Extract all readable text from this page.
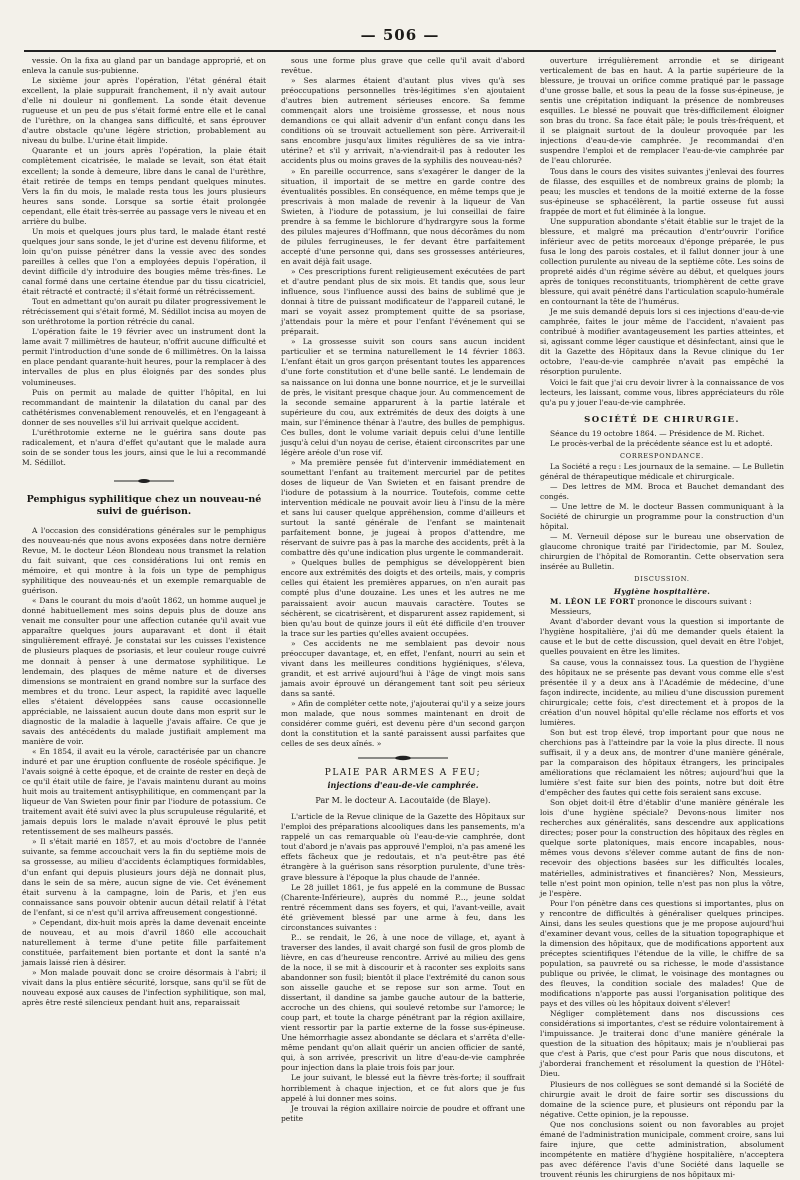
— 506 —

vessie. On la fixa au gland par un bandage approprié, et on enleva la canule sus-pubienne.

Le sixième jour après l'opération, l'état général était excellent, la plaie suppurait franchement, il n'y avait autour d'elle ni douleur ni gonflement. La sonde était devenue rugueuse et un peu de pus s'était formé entre elle et le canal de l'urèthre, on la changea sans difficulté, et sans éprouver d'autre obstacle qu'une légère striction, probablement au niveau du bulbe. L'urine était limpide.

Quarante et un jours après l'opération, la plaie était complètement cicatrisée, le malade se levait, son état était excellent; la sonde à demeure, libre dans le canal de l'urèthre, était retirée de temps en temps pendant quelques minutes. Vers la fin du mois, le malade resta tous les jours plusieurs heures sans sonde. Lorsque sa sortie était prolongée cependant, elle était très-serrée au passage vers le niveau et en arrière du bulbe.

Un mois et quelques jours plus tard, le malade étant resté quelques jour sans sonde, le jet d'urine est devenu filiforme, et loin qu'on puisse pénétrer dans la vessie avec des sondes pareilles à celles que l'on a employées depuis l'opération, il devint difficile d'y introduire des bougies même très-fines. Le canal formé dans une certaine étendue par du tissu cicatriciel, était rétracté et contracté; il s'était formé un rétrécissement.

Tout en admettant qu'on aurait pu dilater progressivement le rétrécissement qui s'était formé, M. Sédillot incisa au moyen de son uréthrotome la portion rétrécie du canal.

L'opération faite le 19 février avec un instrument dont la lame avait 7 millimètres de hauteur, n'offrit aucune difficulté et permit l'introduction d'une sonde de 6 millimètres. On la laissa en place pendant quarante-huit heures, pour la remplacer à des intervalles de plus en plus éloignés par des sondes plus volumineuses.

Puis on permit au malade de quitter l'hôpital, en lui recommandant de maintenir la dilatation du canal par des cathétérismes convenablement renouvelés, et en l'engageant à donner de ses nouvelles s'il lui arrivait quelque accident.

L'uréthrotomie externe ne le guérira sans doute pas radicalement, et n'aura d'effet qu'autant que le malade aura soin de se sonder tous les jours, ainsi que le lui a recommandé M. Sédillot.

Pemphigus syphilitique chez un nouveau-né
suivi de guérison.

A l'occasion des considérations générales sur le pemphigus des nouveau-nés que nous avons exposées dans notre dernière Revue, M. le docteur Léon Blondeau nous transmet la relation du fait suivant, que ces considérations lui ont remis en mémoire, et qui montre à la fois un type de pemphigus syphilitique des nouveau-nés et un exemple remarquable de guérison.

« Dans le courant du mois d'août 1862, un homme auquel je donné habituellement mes soins depuis plus de douze ans venait me consulter pour une affection cutanée qu'il avait vue apparaître quelques jours auparavant et dont il était singulièrement effrayé. Je constatai sur les cuisses l'existence de plusieurs plaques de psoriasis, et leur couleur rouge cuivré me donnait à penser à une dermatose syphilitique. Le lendemain, des plaques de même nature et de diverses dimensions se montraient en grand nombre sur la surface des membres et du tronc. Leur aspect, la rapidité avec laquelle elles s'étaient développées sans cause occasionnelle appréciable, ne laissaient aucun doute dans mon esprit sur le diagnostic de la maladie à laquelle j'avais affaire. Ce que je savais des antécédents du malade justifiait amplement ma manière de voir.

« En 1854, il avait eu la vérole, caractérisée par un chancre induré et par une éruption confluente de roséole spécifique. Je l'avais soigné à cette époque, et de crainte de rester en deçà de ce qu'il était utile de faire, je l'avais maintenu durant au moins huit mois au traitement antisyphilitique, en commençant par la liqueur de Van Swieten pour finir par l'iodure de potassium. Ce traitement avait été suivi avec la plus scrupuleuse régularité, et jamais depuis lors le malade n'avait éprouvé le plus petit retentissement de ses malheurs passés.

» Il s'était marié en 1857, et au mois d'octobre de l'année suivante, sa femme accouchait vers la fin du septième mois de sa grossesse, au milieu d'accidents éclamptiques formidables, d'un enfant qui depuis plusieurs jours déjà ne donnait plus, dans le sein de sa mère, aucun signe de vie. Cet événement était survenu à la campagne, loin de Paris, et j'en eus connaissance sans pouvoir obtenir aucun détail relatif à l'état de l'enfant, si ce n'est qu'il arriva affreusement congestionné.

» Cependant, dix-huit mois après la dame devenait enceinte de nouveau, et au mois d'avril 1860 elle accouchait naturellement à terme d'une petite fille parfaitement constituée, parfaitement bien portante et dont la santé n'a jamais laissé rien à désirer.

» Mon malade pouvait donc se croire désormais à l'abri; il vivait dans la plus entière sécurité, lorsque, sans qu'il se fût de nouveau exposé aux causes de l'infection syphilitique, son mal, après être resté silencieux pendant huit ans, reparaissait

sous une forme plus grave que celle qu'il avait d'abord revêtue.

» Ses alarmes étaient d'autant plus vives qu'à ses préoccupations personnelles très-légitimes s'en ajoutaient d'autres bien autrement sérieuses encore. Sa femme commençait alors une troisième grossesse, et nous nous demandions ce qui allait advenir d'un enfant conçu dans les conditions où se trouvait actuellement son père. Arriverait-il sans encombre jusqu'aux limites régulières de sa vie intra-utérine? et s'il y arrivait, n'a-viendrait-il pas à redouter les accidents plus ou moins graves de la syphilis des nouveau-nés?

» En pareille occurrence, sans s'exagérer le danger de la situation, il importait de se mettre en garde contre des éventualités possibles. En conséquence, en même temps que je prescrivais à mon malade de revenir à la liqueur de Van Swieten, à l'iodure de potassium, je lui conseillai de faire prendre à sa femme le bichlorure d'hydrargyre sous la forme des pilules majeures d'Hoffmann, que nous décorâmes du nom de pilules ferrugineuses, le fer devant être parfaitement accepté d'une personne qui, dans ses grossesses antérieures, en avait déjà fait usage.

» Ces prescriptions furent religieusement exécutées de part et d'autre pendant plus de six mois. Et tandis que, sous leur influence, sous l'influence aussi des bains de sublimé que je donnai à titre de puissant modificateur de l'appareil cutané, le mari se voyait assez promptement quitte de sa psoriase, j'attendais pour la mère et pour l'enfant l'événement qui se préparait.

» La grossesse suivit son cours sans aucun incident particulier et se termina naturellement le 14 février 1863. L'enfant était un gros garçon présentant toutes les apparences d'une forte constitution et d'une belle santé. Le lendemain de sa naissance on lui donna une bonne nourrice, et je le surveillai de près, le visitant presque chaque jour. Au commencement de la seconde semaine apparurent à la partie latérale et supérieure du cou, aux extrémités de deux des doigts à une main, sur l'éminence thénar à l'autre, des bulles de pemphigus. Ces bulles, dont le volume variait depuis celui d'une lentille jusqu'à celui d'un noyau de cerise, étaient circonscrites par une légère aréole d'un rose vif.

» Ma première pensée fut d'intervenir immédiatement en soumettant l'enfant au traitement mercuriel par de petites doses de liqueur de Van Swieten et en faisant prendre de l'iodure de potassium à la nourrice. Toutefois, comme cette intervention médicale ne pouvait avoir lieu à l'insu de la mère et sans lui causer quelque appréhension, comme d'ailleurs et surtout la santé générale de l'enfant se maintenait parfaitement bonne, je jugeai à propos d'attendre, me réservant de suivre pas à pas la marche des accidents, prêt à la combattre dès qu'une indication plus urgente le commanderait.

» Quelques bulles de pemphigus se développèrent bien encore aux extrémités des doigts et des orteils, mais, y compris celles qui étaient les premières apparues, on n'en aurait pas compté plus d'une douzaine. Les unes et les autres ne me paraissaient avoir aucun mauvais caractère. Toutes se séchèrent, se cicatrisèrent, et disparurent assez rapidement, si bien qu'au bout de quinze jours il eût été difficile d'en trouver la trace sur les parties qu'elles avaient occupées.

» Ces accidents ne me semblaient pas devoir nous préoccuper davantage, et, en effet, l'enfant, nourri au sein et vivant dans les meilleures conditions hygiéniques, s'éleva, grandit, et est arrivé aujourd'hui à l'âge de vingt mois sans jamais avoir éprouvé un dérangement tant soit peu sérieux dans sa santé.

» Afin de compléter cette note, j'ajouterai qu'il y a seize jours mon malade, que nous sommes maintenant en droit de considérer comme guéri, est devenu père d'un second garçon dont la constitution et la santé paraissent aussi parfaites que celles de ses deux aînés. »

PLAIE PAR ARMES A FEU;
injections d'eau-de-vie camphrée.
Par M. le docteur A. Lacoutaide (de Blaye).

L'article de la Revue clinique de la Gazette des Hôpitaux sur l'emploi des préparations alcooliques dans les pansements, m'a rappelé un cas remarquable où l'eau-de-vie camphrée, dont tout d'abord je n'avais pas approuvé l'emploi, n'a pas amené les effets fâcheux que je redoutais, et n'a peut-être pas été étrangère à la guérison sans résorption purulente, d'une très-grave blessure à l'époque la plus chaude de l'année.

Le 28 juillet 1861, je fus appelé en la commune de Bussac (Charente-Inférieure), auprès du nommé P..., jeune soldat rentré récemment dans ses foyers, et qui, l'avant-veille, avait été grièvement blessé par une arme à feu, dans les circonstances suivantes :

P... se rendait, le 26, à une noce de village, et, ayant à traverser des landes, il avait chargé son fusil de gros plomb de lièvre, en cas d'heureuse rencontre. Arrivé au milieu des gens de la noce, il se mit à discourir et à raconter ses exploits sans abandonner son fusil; bientôt il place l'extrémité du canon sous son aisselle gauche et se repose sur son arme. Tout en dissertant, il dandine sa jambe gauche autour de la batterie, accroche un des chiens, qui soulevé retombe sur l'amorce; le coup part, et toute la charge pénétrant par la région axillaire, vient ressortir par la partie externe de la fosse sus-épineuse. Une hémorrhagie assez abondante se déclara et s'arrêta d'elle-même pendant qu'on allait quérir un ancien officier de santé, qui, à son arrivée, prescrivit un litre d'eau-de-vie camphrée pour injection dans la plaie trois fois par jour.

Le jour suivant, le blessé eut la fièvre très-forte; il souffrait horriblement à chaque injection, et ce fut alors que je fus appelé à lui donner mes soins.

Je trouvai la région axillaire noircie de poudre et offrant une petite

ouverture irrégulièrement arrondie et se dirigeant verticalement de bas en haut. A la partie supérieure de la blessure, je trouvai un orifice comme pratiqué par le passage d'une grosse balle, et sous la peau de la fosse sus-épineuse, je sentis une crépitation indiquant la présence de nombreuses esquilles. Le blessé ne pouvait que très-difficilement éloigner son bras du tronc. Sa face était pâle; le pouls très-fréquent, et il se plaignait surtout de la douleur provoquée par les injections d'eau-de-vie camphrée. Je recommandai d'en suspendre l'emploi et de remplacer l'eau-de-vie camphrée par de l'eau chlorurée.

Tous dans le cours des visites suivantes j'enlevai des fourres de filasse, des esquilles et de nombreux grains de plomb; la peau; les muscles et tendons de la moitié externe de la fosse sus-épineuse se sphacélèrent, la partie osseuse fut aussi frappée de mort et fut éliminée à la longue.

Une suppuration abondante s'était établie sur le trajet de la blessure, et malgré ma précaution d'entr'ouvrir l'orifice inférieur avec de petits morceaux d'éponge préparée, le pus fusa le long des parois costales, et il fallut donner jour à une collection purulente au niveau de la septième côte. Les soins de propreté aidés d'un régime sévère au début, et quelques jours après de toniques reconstituants, triomphèrent de cette grave blessure, qui avait pénétré dans l'articulation scapulo-humérale en contournant la tête de l'humérus.

Je me suis demandé depuis lors si ces injections d'eau-de-vie camphrée, faites le jour même de l'accident, n'avaient pas contribué à modifier avantageusement les parties atteintes, et si, agissant comme léger caustique et désinfectant, ainsi que le dit la Gazette des Hôpitaux dans la Revue clinique du 1er octobre, l'eau-de-vie camphrée n'avait pas empêché la résorption purulente.

Voici le fait que j'ai cru devoir livrer à la connaissance de vos lecteurs, les laissant, comme vous, libres appréciateurs du rôle qu'a pu y jouer l'eau-de-vie camphrée.

SOCIÉTÉ DE CHIRURGIE.

Séance du 19 octobre 1864. — Présidence de M. Richet.

Le procès-verbal de la précédente séance est lu et adopté.

CORRESPONDANCE.

La Société a reçu : Les journaux de la semaine. — Le Bulletin général de thérapeutique médicale et chirurgicale.

— Des lettres de MM. Broca et Bauchet demandant des congés.

— Une lettre de M. le docteur Bassen communiquant à la Société de chirurgie un programme pour la construction d'un hôpital.

— M. Verneuil dépose sur le bureau une observation de glaucome chronique traité par l'iridectomie, par M. Soulez, chirurgien de l'hôpital de Romorantin. Cette observation sera insérée au Bulletin.

DISCUSSION.
Hygiène hospitalière.

M. LÉON LE FORT prononce le discours suivant :

Messieurs,

Avant d'aborder devant vous la question si importante de l'hygiène hospitalière, j'ai dû me demander quels étaient la cause et le but de cette discussion, quel devait en être l'objet, quelles pouvaient en être les limites.

Sa cause, vous la connaissez tous. La question de l'hygiène des hôpitaux ne se présente pas devant vous comme elle s'est présentée il y a deux ans à l'Académie de médecine, d'une façon indirecte, incidente, au milieu d'une discussion purement chirurgicale; cette fois, c'est directement et à propos de la création d'un nouvel hôpital qu'elle réclame nos efforts et vos lumières.

Son but est trop élevé, trop important pour que nous ne cherchions pas à l'atteindre par la voie la plus directe. Il nous suffisait, il y a deux ans, de montrer d'une manière générale, par la comparaison des hôpitaux étrangers, les principales améliorations que réclamaient les nôtres; aujourd'hui que la lumière s'est faite sur bien des points, notre but doit être d'empêcher des fautes qui cette fois seraient sans excuse.

Son objet doit-il être d'établir d'une manière générale les lois d'une hygiène spéciale? Devons-nous limiter nos recherches aux généralités, sans descendre aux applications directes; poser pour la construction des hôpitaux des règles en quelque sorte platoniques, mais encore incapables, nous-mêmes vous devons s'élever comme autant de fins de non-recevoir des objections basées sur les difficultés locales, matérielles, administratives et financières? Non, Messieurs, telle n'est point mon opinion, telle n'est pas non plus la vôtre, je l'espère.

Pour l'on pénètre dans ces questions si importantes, plus on y rencontre de difficultés à généraliser quelques principes. Ainsi, dans les seules questions que je me propose aujourd'hui d'examiner devant vous, celles de la situation topographique et la dimension des hôpitaux, que de modifications apportent aux préceptes scientifiques l'étendue de la ville, le chiffre de sa population, sa pauvreté ou sa richesse, le mode d'assistance publique ou privée, le climat, le voisinage des montagnes ou des fleuves, la condition sociale des malades! Que de modifications n'apporte pas aussi l'organisation politique des pays et des villes où les hôpitaux doivent s'élever!

Négliger complètement dans nos discussions ces considérations si importantes, c'est se réduire volontairement à l'impuissance. Je traiterai donc d'une manière générale la question de la situation des hôpitaux; mais je n'oublierai pas que c'est à Paris, que c'est pour Paris que nous discutons, et j'aborderai franchement et résolument la question de l'Hôtel-Dieu.

Plusieurs de nos collègues se sont demandé si la Société de chirurgie avait le droit de faire sortir ses discussions du domaine de la science pure, et plusieurs ont répondu par la négative. Cette opinion, je la repousse.

Que nos conclusions soient ou non favorables au projet émané de l'administration municipale, comment croire, sans lui faire injure, que cette administration, absolument incompétente en matière d'hygiène hospitalière, n'acceptera pas avec déférence l'avis d'une Société dans laquelle se trouvent réunis les chirurgiens de nos hôpitaux mi-
